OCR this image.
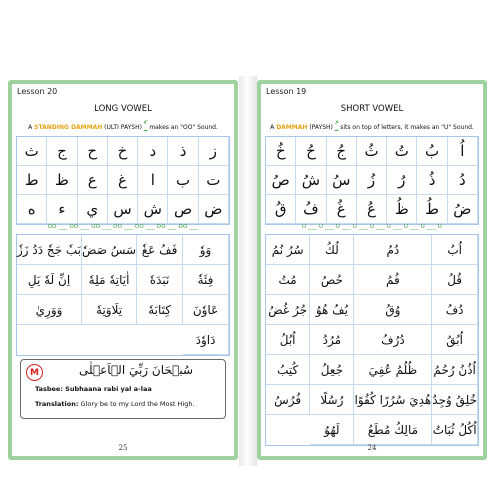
Lesson 20
LONG VOWEL
A STANDING DAMMAH (ULTI PAYSH) ـٗ makes an "OO" Sound.
ز
ذ
د
خ
ح
ج
ث
ت
ب
ا
غ
ع
ظ
ط
ض
ص
ش
س
ي
ء
ه
OO ___ OO ___ OO ___ OO ___ OO ___ OO ___ OO ___
وَوٗ
فَفُ عَغٗ
سَسُ صَضٗ
بَبٗ جَجٗ دَدُ زَزٗ
فِئَةٗ
نَبَدَهٗ
اٰيَاتِهٗ مَلِهٗ
اِنِّ لَهٗ يَلِ
عَاوٗنَ
كِتَابَهٗ
تِلَاوَتِهٗ
وَوَرِيٰ
دَاوٗدَ
M	سُبۡحَانَ رَبِّيَ الۡاَعۡلٰى
Tasbee: Subhaana rabi yal a-laa
Translation: Glory be to my Lord the Most High.
25
Lesson 19
SHORT VOWEL
A DAMMAH (PAYSH) ـُ sits on top of letters, it makes an "U" Sound.
اُ
بُ
تُ
ثُ
جُ
حُ
خُ
دُ
ذُ
رُ
زُ
سُ
شُ
صُ
ضُ
طُ
ظُ
عُ
غُ
فُ
قُ
U ___ U ___ U ___ U ___ U ___ U ___ U ___ U ___ U
اُبُ
دُمُ
لُكُ
سُرُ نُمُ
قُلُ
فُمُ
حُصُ
مُتُ
دُفُ
وُقُ
يُفُ هُوُ
جُرُ غُضُ
اُبُقُ
دُرُفُ
مُرُدُ
اُبُلُ
اُذُنُ رُحُمُ
ظُلُمُ عُفِيَ
جُعِلُ
كُتِبُ
خُلِقُ وُجِدُ
هُدِيَ سُرُرًا كُفُوًا
رُسُلًا
فُرُسُ
اُكُلُ ثُبَاتُ
مَالِكُ مُطَعُ
لَهُوُ
24
